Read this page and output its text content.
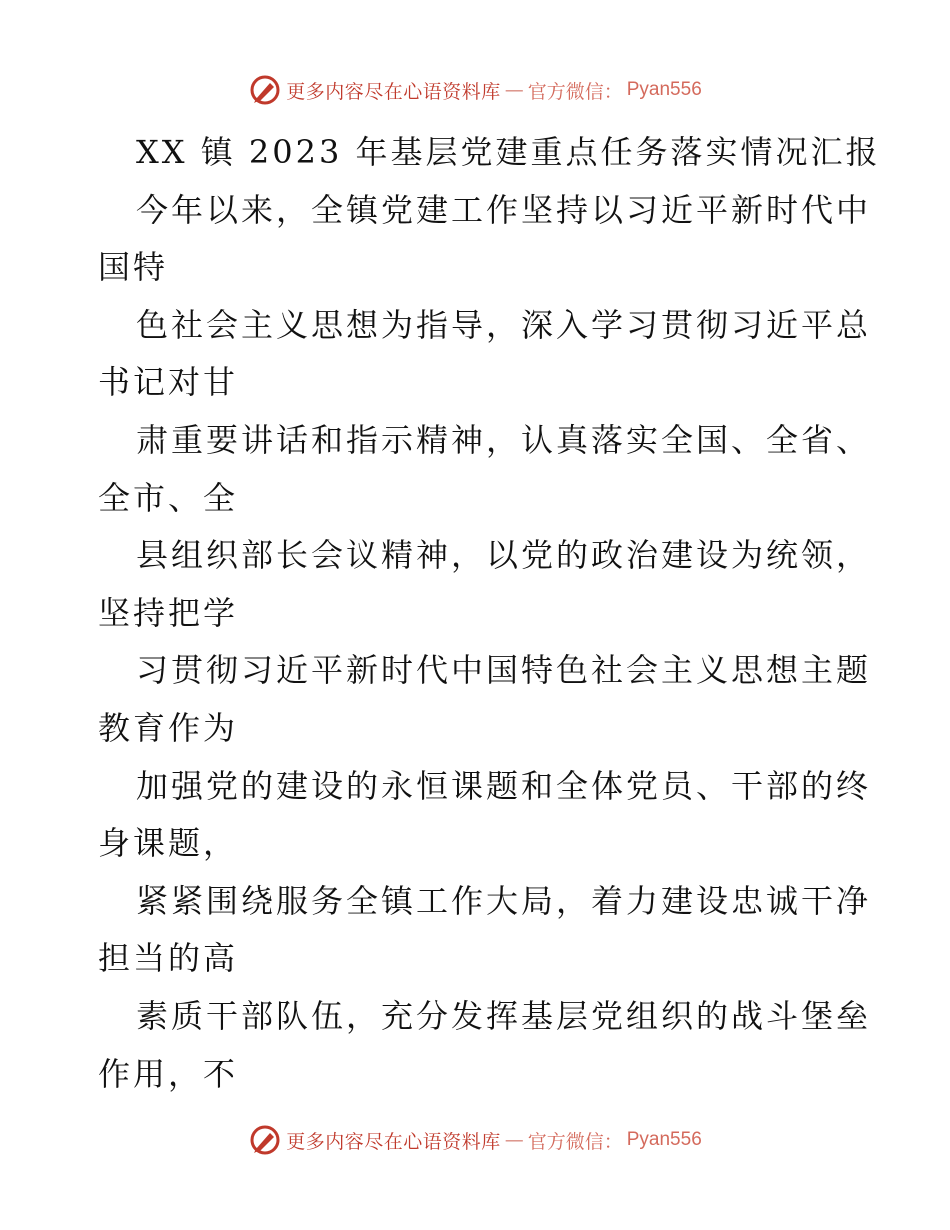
更多内容尽在心语资料库 — 官方微信： Pyan556

XX 镇 2023 年基层党建重点任务落实情况汇报

今年以来，全镇党建工作坚持以习近平新时代中

国特

色社会主义思想为指导，深入学习贯彻习近平总

书记对甘

肃重要讲话和指示精神，认真落实全国、全省、

全市、全

县组织部长会议精神，以党的政治建设为统领，

坚持把学

习贯彻习近平新时代中国特色社会主义思想主题

教育作为

加强党的建设的永恒课题和全体党员、干部的终

身课题，

紧紧围绕服务全镇工作大局，着力建设忠诚干净

担当的高

素质干部队伍，充分发挥基层党组织的战斗堡垒

作用，不

更多内容尽在心语资料库 — 官方微信： Pyan556
